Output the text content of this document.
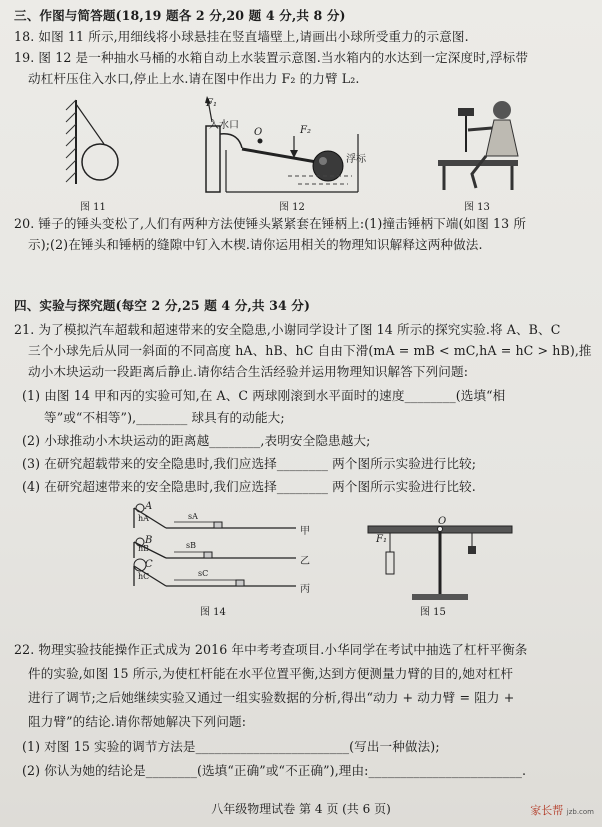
三、作图与简答题(18,19 题各 2 分,20 题 4 分,共 8 分)
18. 如图 11 所示,用细线将小球悬挂在竖直墙壁上,请画出小球所受重力的示意图.
19. 图 12 是一种抽水马桶的水箱自动上水装置示意图.当水箱内的水达到一定深度时,浮标带
动杠杆压住入水口,停止上水.请在图中作出力 F₂ 的力臂 L₂.
图 11
入水口
O
F₁
F₂
浮标
图 12	图 13
20. 锤子的锤头变松了,人们有两种方法使锤头紧紧套在锤柄上:(1)撞击锤柄下端(如图 13 所
示);(2)在锤头和锤柄的缝隙中钉入木楔.请你运用相关的物理知识解释这两种做法.
四、实验与探究题(每空 2 分,25 题 4 分,共 34 分)
21. 为了模拟汽车超载和超速带来的安全隐患,小谢同学设计了图 14 所示的探究实验.将 A、B、C
三个小球先后从同一斜面的不同高度 hA、hB、hC 自由下滑(mA = mB < mC,hA = hC > hB),推
动小木块运动一段距离后静止.请你结合生活经验并运用物理知识解答下列问题:
(1) 由图 14 甲和丙的实验可知,在 A、C 两球刚滚到水平面时的速度________(选填“相
等”或“不相等”),________ 球具有的动能大;
(2) 小球推动小木块运动的距离越________,表明安全隐患越大;
(3) 在研究超载带来的安全隐患时,我们应选择________ 两个图所示实验进行比较;
(4) 在研究超速带来的安全隐患时,我们应选择________ 两个图所示实验进行比较.
A
B
C
hA
hB
hC
sA
sB
sC
甲
乙
丙
图 14
O
F₁
图 15
22. 物理实验技能操作正式成为 2016 年中考考查项目.小华同学在考试中抽选了杠杆平衡条
件的实验,如图 15 所示,为使杠杆能在水平位置平衡,达到方便测量力臂的目的,她对杠杆
进行了调节;之后她继续实验又通过一组实验数据的分析,得出“动力 + 动力臂 = 阻力 +
阻力臂”的结论.请你帮她解决下列问题:
(1) 对图 15 实验的调节方法是________________________(写出一种做法);
(2) 你认为她的结论是________(选填“正确”或“不正确”),理由:________________________.
八年级物理试卷 第 4 页 (共 6 页)	家长帮 jzb.com
